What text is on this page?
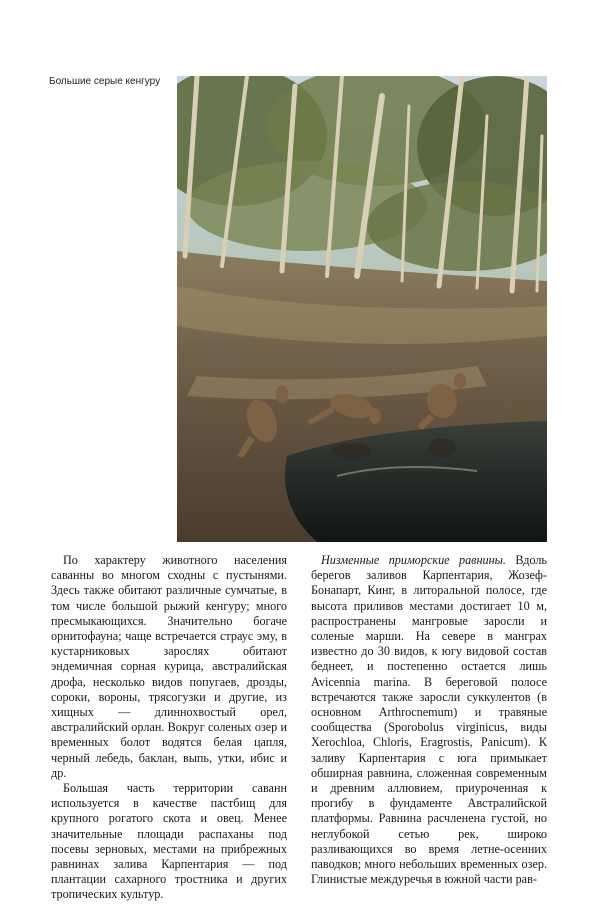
Большие серые кенгуру

По характеру животного населения саванны во многом сходны с пустынями. Здесь также обитают различные сумчатые, в том числе большой рыжий кенгуру; много пресмыкающихся. Значительно богаче орнитофауна; чаще встречается страус эму, в кустарниковых зарослях обитают эндемичная сорная курица, австралийская дрофа, несколько видов попугаев, дрозды, сороки, вороны, трясогузки и другие, из хищных — длиннохвостый орел, австралийский орлан. Вокруг соленых озер и временных болот водятся белая цапля, черный лебедь, баклан, выпь, утки, ибис и др.

Большая часть территории саванн используется в качестве пастбищ для крупного рогатого скота и овец. Менее значительные площади распаханы под посевы зерновых, местами на прибрежных равнинах залива Карпентария — под плантации сахарного тростника и других тропических культур.

Низменные приморские равнины. Вдоль берегов заливов Карпентария, Жозеф-Бонапарт, Кинг, в литоральной полосе, где высота приливов местами достигает 10 м, распространены мангровые заросли и соленые марши. На севере в манграх известно до 30 видов, к югу видовой состав беднеет, и постепенно остается лишь Avicennia marina. В береговой полосе встречаются также заросли суккулентов (в основном Arthrocnemum) и травяные сообщества (Sporobolus virginicus, виды Xerochloa, Chloris, Eragrostis, Panicum). К заливу Карпентария с юга примыкает обширная равнина, сложенная современным и древним аллювием, приуроченная к прогибу в фундаменте Австралийской платформы. Равнина расчленена густой, но неглубокой сетью рек, широко разливающихся во время летне-осенних паводков; много небольших временных озер. Глинистые междуречья в южной части рав-
